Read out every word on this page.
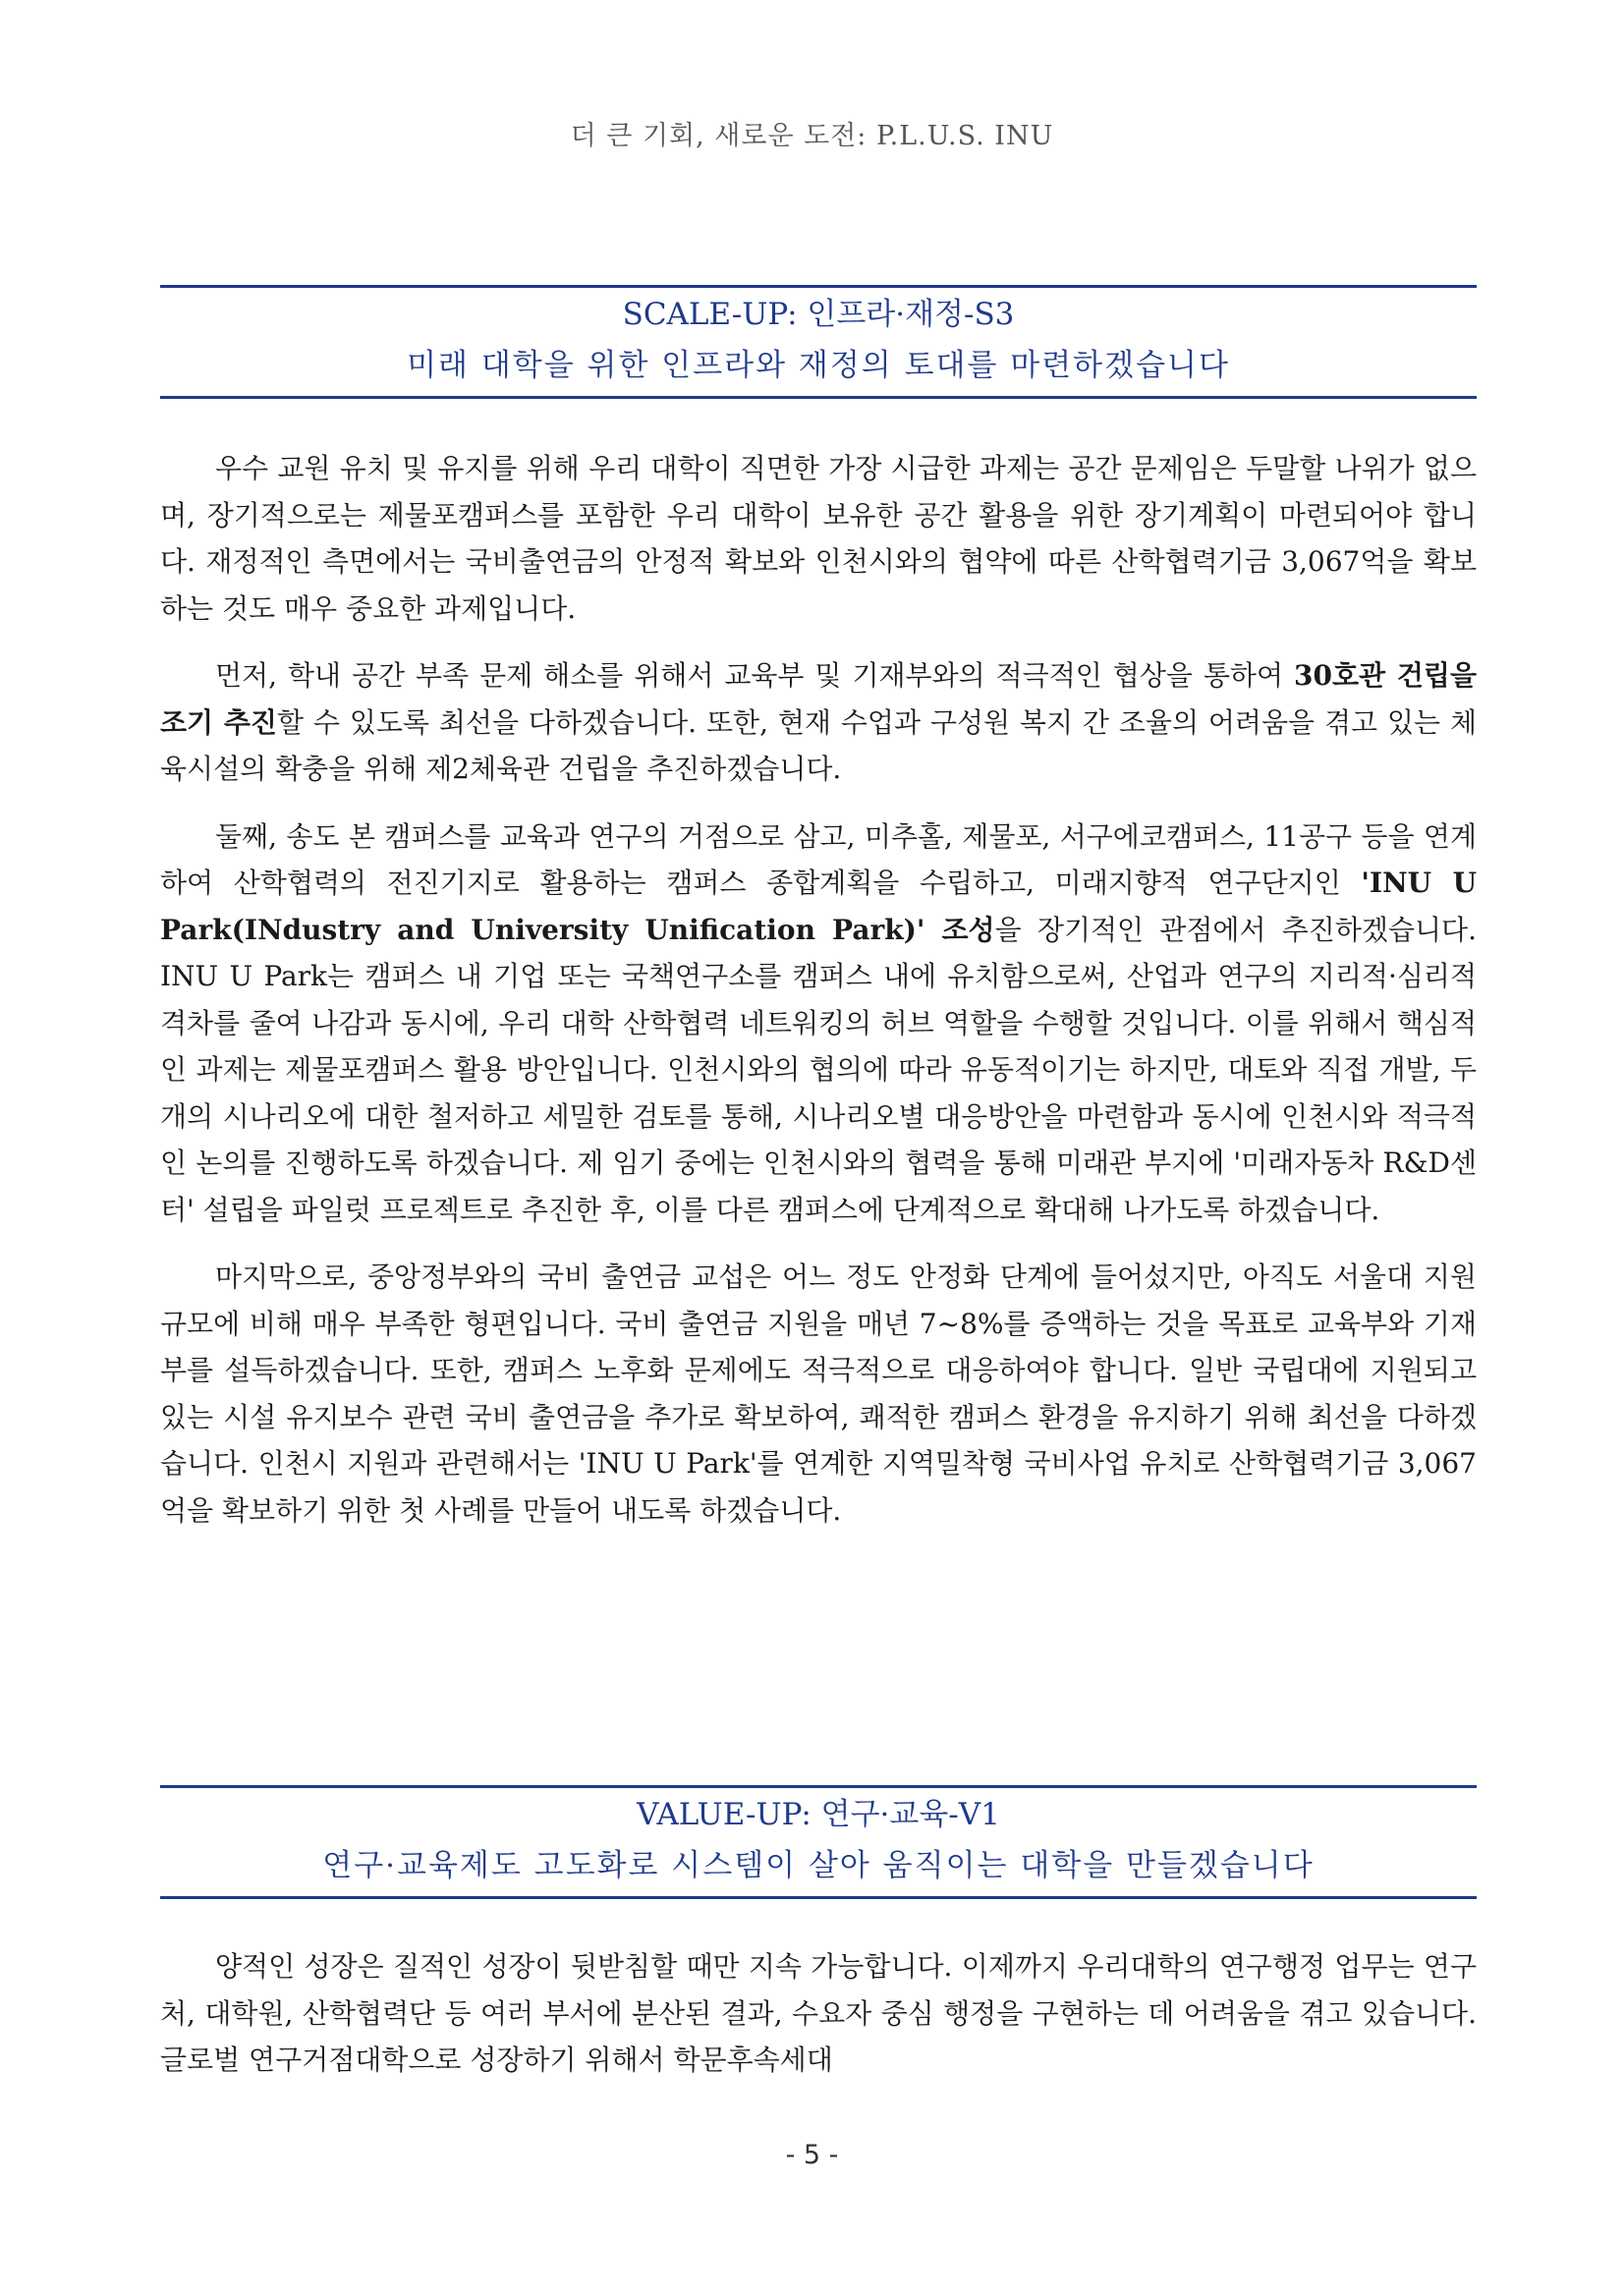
더 큰 기회, 새로운 도전: P.L.U.S. INU
SCALE-UP: 인프라·재정-S3
미래 대학을 위한 인프라와 재정의 토대를 마련하겠습니다

우수 교원 유치 및 유지를 위해 우리 대학이 직면한 가장 시급한 과제는 공간 문제임은 두말할 나위가 없으며, 장기적으로는 제물포캠퍼스를 포함한 우리 대학이 보유한 공간 활용을 위한 장기계획이 마련되어야 합니다. 재정적인 측면에서는 국비출연금의 안정적 확보와 인천시와의 협약에 따른 산학협력기금 3,067억을 확보하는 것도 매우 중요한 과제입니다.

먼저, 학내 공간 부족 문제 해소를 위해서 교육부 및 기재부와의 적극적인 협상을 통하여 30호관 건립을 조기 추진할 수 있도록 최선을 다하겠습니다. 또한, 현재 수업과 구성원 복지 간 조율의 어려움을 겪고 있는 체육시설의 확충을 위해 제2체육관 건립을 추진하겠습니다.

둘째, 송도 본 캠퍼스를 교육과 연구의 거점으로 삼고, 미추홀, 제물포, 서구에코캠퍼스, 11공구 등을 연계하여 산학협력의 전진기지로 활용하는 캠퍼스 종합계획을 수립하고, 미래지향적 연구단지인 'INU U Park(INdustry and University Unification Park)' 조성을 장기적인 관점에서 추진하겠습니다. INU U Park는 캠퍼스 내 기업 또는 국책연구소를 캠퍼스 내에 유치함으로써, 산업과 연구의 지리적·심리적 격차를 줄여 나감과 동시에, 우리 대학 산학협력 네트워킹의 허브 역할을 수행할 것입니다. 이를 위해서 핵심적인 과제는 제물포캠퍼스 활용 방안입니다. 인천시와의 협의에 따라 유동적이기는 하지만, 대토와 직접 개발, 두 개의 시나리오에 대한 철저하고 세밀한 검토를 통해, 시나리오별 대응방안을 마련함과 동시에 인천시와 적극적인 논의를 진행하도록 하겠습니다. 제 임기 중에는 인천시와의 협력을 통해 미래관 부지에 '미래자동차 R&D센터' 설립을 파일럿 프로젝트로 추진한 후, 이를 다른 캠퍼스에 단계적으로 확대해 나가도록 하겠습니다.

마지막으로, 중앙정부와의 국비 출연금 교섭은 어느 정도 안정화 단계에 들어섰지만, 아직도 서울대 지원 규모에 비해 매우 부족한 형편입니다. 국비 출연금 지원을 매년 7~8%를 증액하는 것을 목표로 교육부와 기재부를 설득하겠습니다. 또한, 캠퍼스 노후화 문제에도 적극적으로 대응하여야 합니다. 일반 국립대에 지원되고 있는 시설 유지보수 관련 국비 출연금을 추가로 확보하여, 쾌적한 캠퍼스 환경을 유지하기 위해 최선을 다하겠습니다. 인천시 지원과 관련해서는 'INU U Park'를 연계한 지역밀착형 국비사업 유치로 산학협력기금 3,067억을 확보하기 위한 첫 사례를 만들어 내도록 하겠습니다.

VALUE-UP: 연구·교육-V1
연구·교육제도 고도화로 시스템이 살아 움직이는 대학을 만들겠습니다

양적인 성장은 질적인 성장이 뒷받침할 때만 지속 가능합니다. 이제까지 우리대학의 연구행정 업무는 연구처, 대학원, 산학협력단 등 여러 부서에 분산된 결과, 수요자 중심 행정을 구현하는 데 어려움을 겪고 있습니다. 글로벌 연구거점대학으로 성장하기 위해서 학문후속세대

- 5 -
